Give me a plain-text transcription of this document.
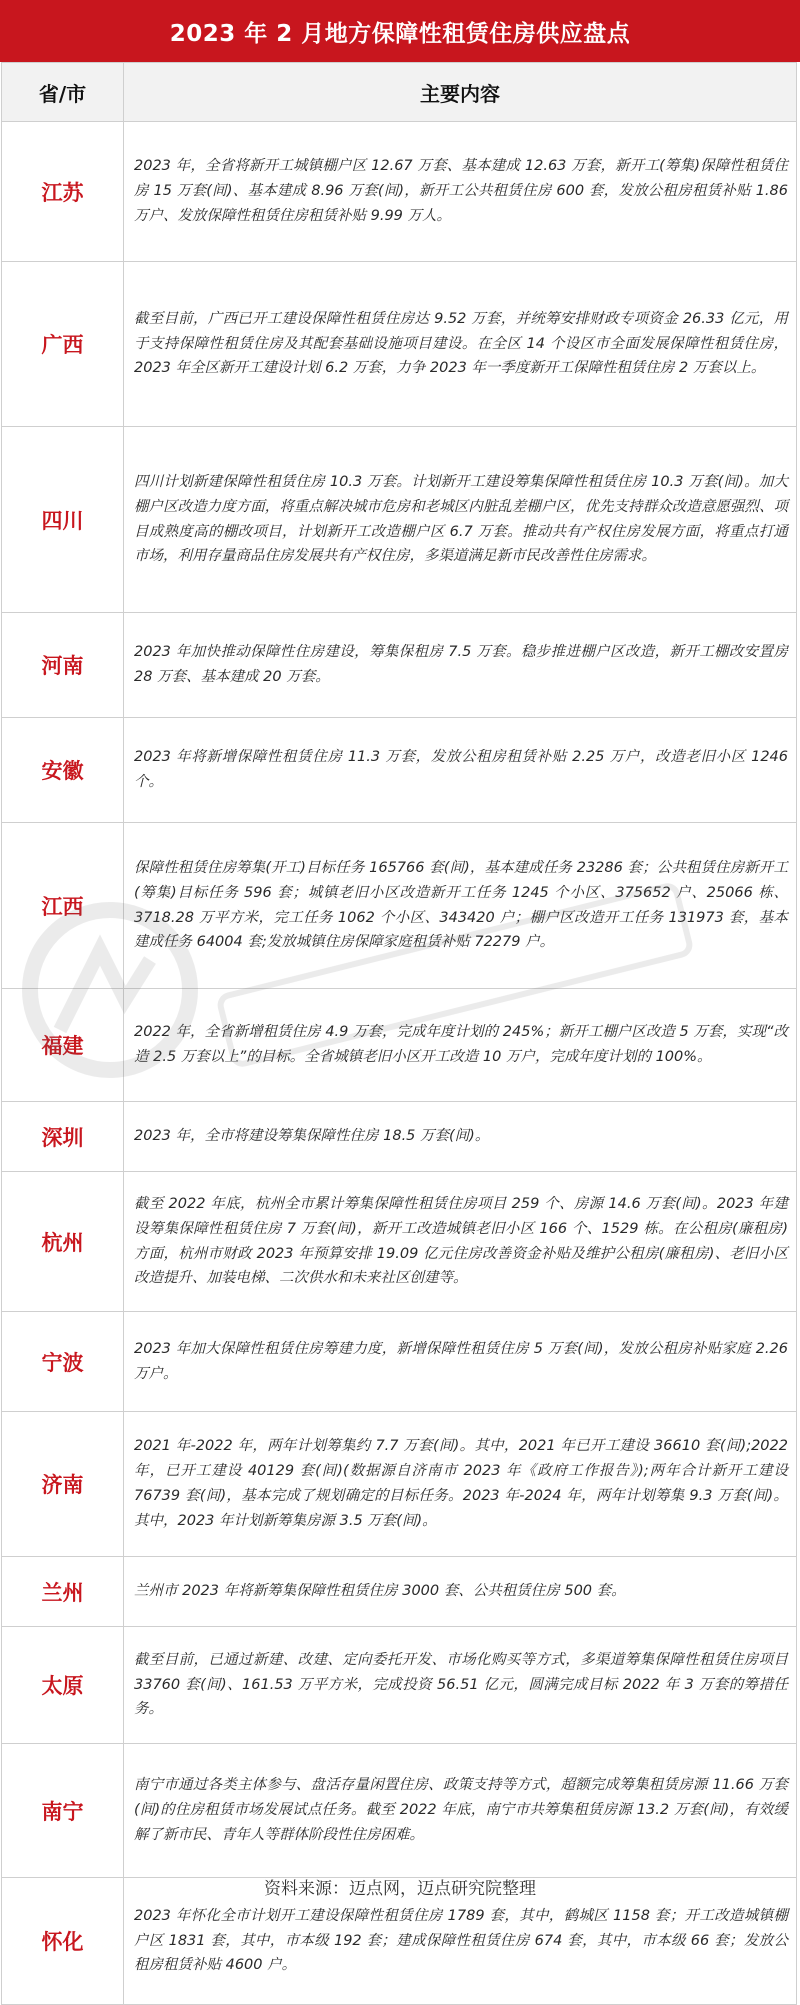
2023 年 2 月地方保障性租赁住房供应盘点
省/市	主要内容
江苏	2023 年，全省将新开工城镇棚户区 12.67 万套、基本建成 12.63 万套，新开工(筹集)保障性租赁住房 15 万套(间)、基本建成 8.96 万套(间)，新开工公共租赁住房 600 套，发放公租房租赁补贴 1.86 万户、发放保障性租赁住房租赁补贴 9.99 万人。
广西	截至目前，广西已开工建设保障性租赁住房达 9.52 万套，并统筹安排财政专项资金 26.33 亿元，用于支持保障性租赁住房及其配套基础设施项目建设。在全区 14 个设区市全面发展保障性租赁住房，2023 年全区新开工建设计划 6.2 万套，力争 2023 年一季度新开工保障性租赁住房 2 万套以上。
四川	四川计划新建保障性租赁住房 10.3 万套。计划新开工建设筹集保障性租赁住房 10.3 万套(间)。加大棚户区改造力度方面，将重点解决城市危房和老城区内脏乱差棚户区，优先支持群众改造意愿强烈、项目成熟度高的棚改项目，计划新开工改造棚户区 6.7 万套。推动共有产权住房发展方面，将重点打通市场，利用存量商品住房发展共有产权住房，多渠道满足新市民改善性住房需求。
河南	2023 年加快推动保障性住房建设，筹集保租房 7.5 万套。稳步推进棚户区改造，新开工棚改安置房 28 万套、基本建成 20 万套。
安徽	2023 年将新增保障性租赁住房 11.3 万套，发放公租房租赁补贴 2.25 万户，改造老旧小区 1246 个。
江西	保障性租赁住房筹集(开工)目标任务 165766 套(间)，基本建成任务 23286 套；公共租赁住房新开工(筹集)目标任务 596 套；城镇老旧小区改造新开工任务 1245 个小区、375652 户、25066 栋、3718.28 万平方米，完工任务 1062 个小区、343420 户；棚户区改造开工任务 131973 套，基本建成任务 64004 套;发放城镇住房保障家庭租赁补贴 72279 户。
福建	2022 年，全省新增租赁住房 4.9 万套，完成年度计划的 245%；新开工棚户区改造 5 万套，实现“改造 2.5 万套以上”的目标。全省城镇老旧小区开工改造 10 万户，完成年度计划的 100%。
深圳	2023 年，全市将建设筹集保障性住房 18.5 万套(间)。
杭州	截至 2022 年底，杭州全市累计筹集保障性租赁住房项目 259 个、房源 14.6 万套(间)。2023 年建设筹集保障性租赁住房 7 万套(间)，新开工改造城镇老旧小区 166 个、1529 栋。在公租房(廉租房)方面，杭州市财政 2023 年预算安排 19.09 亿元住房改善资金补贴及维护公租房(廉租房)、老旧小区改造提升、加装电梯、二次供水和未来社区创建等。
宁波	2023 年加大保障性租赁住房筹建力度，新增保障性租赁住房 5 万套(间)，发放公租房补贴家庭 2.26 万户。
济南	2021 年-2022 年，两年计划筹集约 7.7 万套(间)。其中，2021 年已开工建设 36610 套(间);2022 年，已开工建设 40129 套(间)(数据源自济南市 2023 年《政府工作报告》);两年合计新开工建设 76739 套(间)，基本完成了规划确定的目标任务。2023 年-2024 年，两年计划筹集 9.3 万套(间)。其中，2023 年计划新筹集房源 3.5 万套(间)。
兰州	兰州市 2023 年将新筹集保障性租赁住房 3000 套、公共租赁住房 500 套。
太原	截至目前，已通过新建、改建、定向委托开发、市场化购买等方式，多渠道筹集保障性租赁住房项目 33760 套(间)、161.53 万平方米，完成投资 56.51 亿元，圆满完成目标 2022 年 3 万套的筹措任务。
南宁	南宁市通过各类主体参与、盘活存量闲置住房、政策支持等方式，超额完成筹集租赁房源 11.66 万套(间)的住房租赁市场发展试点任务。截至 2022 年底，南宁市共筹集租赁房源 13.2 万套(间)，有效缓解了新市民、青年人等群体阶段性住房困难。
怀化	2023 年怀化全市计划开工建设保障性租赁住房 1789 套，其中，鹤城区 1158 套；开工改造城镇棚户区 1831 套，其中，市本级 192 套；建成保障性租赁住房 674 套，其中，市本级 66 套；发放公租房租赁补贴 4600 户。
资料来源：迈点网，迈点研究院整理
